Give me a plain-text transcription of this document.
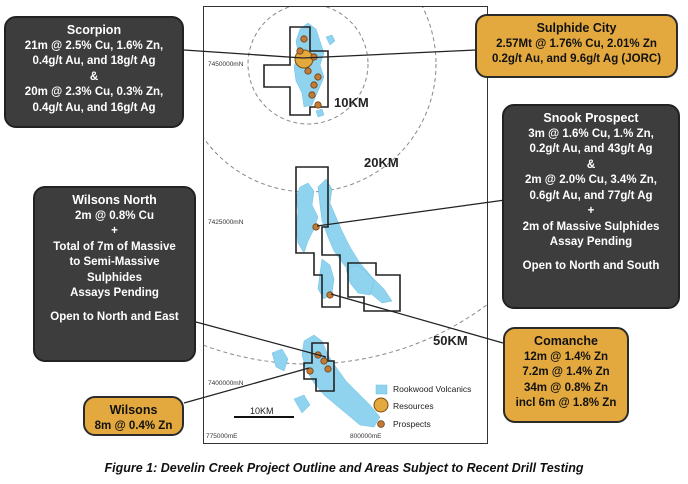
7450000mN
7425000mN
7400000mN
775000mE	800000mE
10KM
20KM
50KM
10KM
Rookwood Volcanics
Resources
Prospects
Scorpion
21m @ 2.5% Cu, 1.6% Zn,
0.4g/t Au, and 18g/t Ag
&
20m @ 2.3% Cu, 0.3% Zn,
0.4g/t Au, and 16g/t Ag
Sulphide City
2.57Mt @ 1.76% Cu, 2.01% Zn
0.2g/t Au, and 9.6g/t Ag (JORC)
Snook Prospect
3m @ 1.6% Cu, 1.% Zn,
0.2g/t Au, and 43g/t Ag
&
2m @ 2.0% Cu, 3.4% Zn,
0.6g/t Au, and 77g/t Ag
+
2m of Massive Sulphides
Assay Pending
Open to North and South
Wilsons North
2m @ 0.8% Cu
+
Total of 7m of Massive
to Semi-Massive
Sulphides
Assays Pending
Open to North and East
Comanche
12m @ 1.4% Zn
7.2m @ 1.4% Zn
34m @ 0.8% Zn
incl 6m @ 1.8% Zn
Wilsons
8m @ 0.4% Zn
Figure 1: Develin Creek Project Outline and Areas Subject to Recent Drill Testing
